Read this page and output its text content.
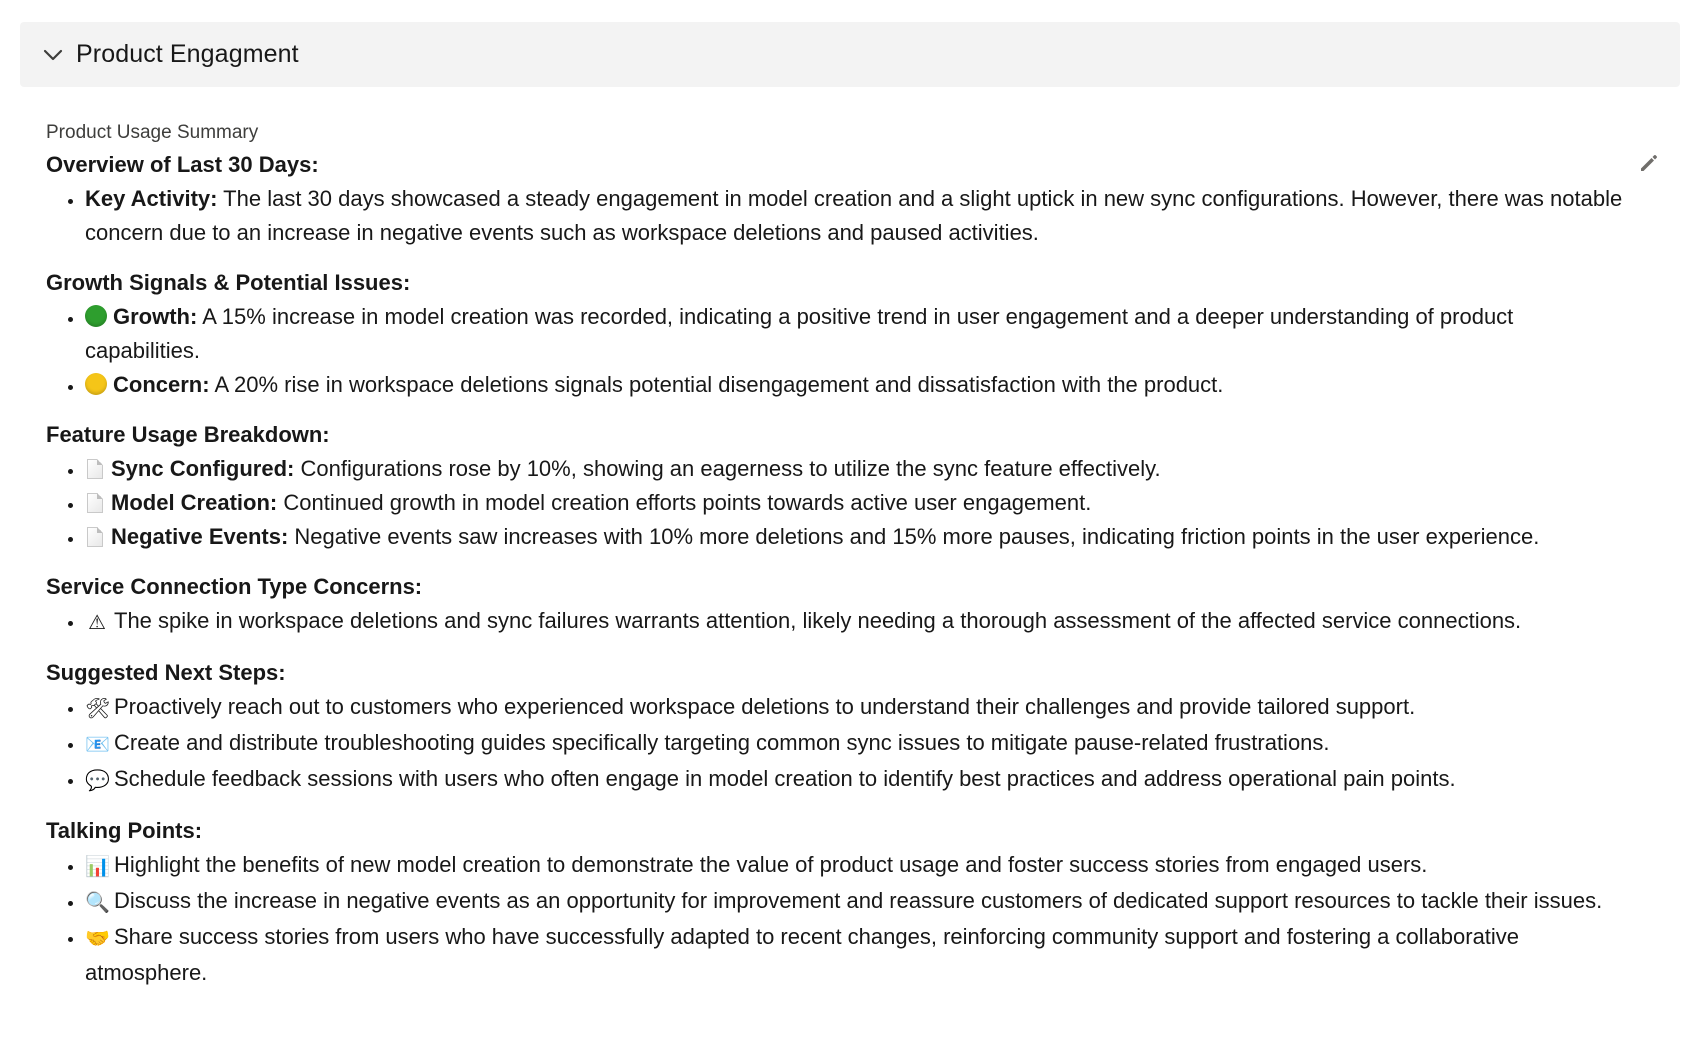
Product Engagment
Product Usage Summary
Overview of Last 30 Days:
• Key Activity: The last 30 days showcased a steady engagement in model creation and a slight uptick in new sync configurations. However, there was notable concern due to an increase in negative events such as workspace deletions and paused activities.
Growth Signals & Potential Issues:
• Growth: A 15% increase in model creation was recorded, indicating a positive trend in user engagement and a deeper understanding of product capabilities.
• Concern: A 20% rise in workspace deletions signals potential disengagement and dissatisfaction with the product.
Feature Usage Breakdown:
• Sync Configured: Configurations rose by 10%, showing an eagerness to utilize the sync feature effectively.
• Model Creation: Continued growth in model creation efforts points towards active user engagement.
• Negative Events: Negative events saw increases with 10% more deletions and 15% more pauses, indicating friction points in the user experience.
Service Connection Type Concerns:
• ⚠ The spike in workspace deletions and sync failures warrants attention, likely needing a thorough assessment of the affected service connections.
Suggested Next Steps:
• 🛠 Proactively reach out to customers who experienced workspace deletions to understand their challenges and provide tailored support.
• 📧 Create and distribute troubleshooting guides specifically targeting common sync issues to mitigate pause-related frustrations.
• 💬 Schedule feedback sessions with users who often engage in model creation to identify best practices and address operational pain points.
Talking Points:
• 📊 Highlight the benefits of new model creation to demonstrate the value of product usage and foster success stories from engaged users.
• 🔍 Discuss the increase in negative events as an opportunity for improvement and reassure customers of dedicated support resources to tackle their issues.
• 🤝 Share success stories from users who have successfully adapted to recent changes, reinforcing community support and fostering a collaborative atmosphere.
